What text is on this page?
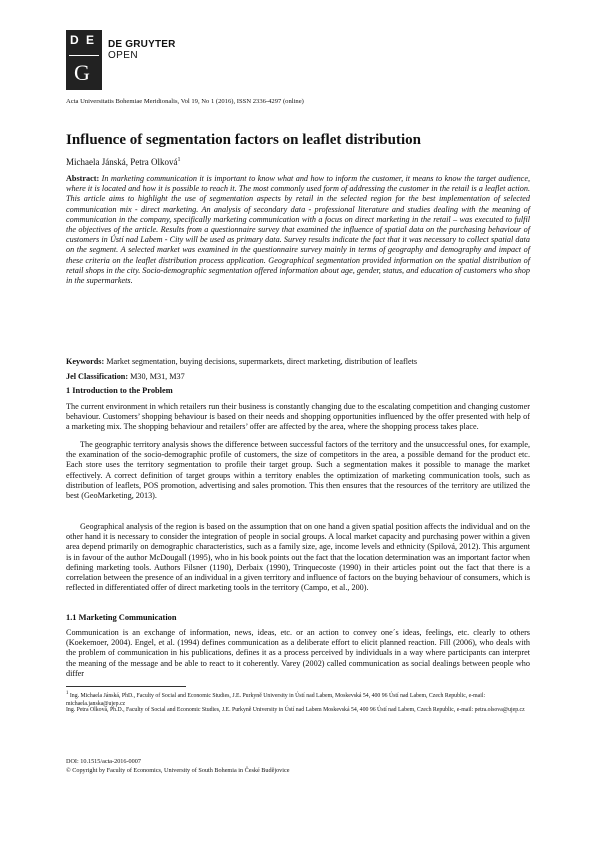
D E
G
DE GRUYTER
OPEN
Acta Universitatis Bohemiae Meridionalis, Vol 19, No 1 (2016), ISSN 2336-4297 (online)
Influence of segmentation factors on leaflet distribution
Michaela Jánská, Petra Olková$^1$
Abstract: In marketing communication it is important to know what and how to inform the customer, it means to know the target audience, where it is located and how it is possible to reach it. The most commonly used form of addressing the customer in the retail is a leaflet action. This article aims to highlight the use of segmentation aspects by retail in the selected region for the best implementation of selected communication mix - direct marketing. An analysis of secondary data - professional literature and studies dealing with the meaning of communication in the company, specifically marketing communication with a focus on direct marketing in the retail – was executed to fulfil the objectives of the article. Results from a questionnaire survey that examined the influence of spatial data on the purchasing behaviour of customers in Ústí nad Labem - City will be used as primary data. Survey results indicate the fact that it was necessary to collect spatial data on the segment. A selected market was examined in the questionnaire survey mainly in terms of geography and demography and impact of these criteria on the leaflet distribution process application. Geographical segmentation provided information on the spatial distribution of retail shops in the city. Socio-demographic segmentation offered information about age, gender, status, and education of customers who shop in the supermarkets.
Keywords: Market segmentation, buying decisions, supermarkets, direct marketing, distribution of leaflets
Jel Classification: M30, M31, M37
1 Introduction to the Problem
The current environment in which retailers run their business is constantly changing due to the escalating competition and changing customer behaviour. Customers’ shopping behaviour is based on their needs and shopping opportunities influenced by the offer presented with help of a marketing mix. The shopping behaviour and retailers’ offer are affected by the area, where the shopping process takes place.
The geographic territory analysis shows the difference between successful factors of the territory and the unsuccessful ones, for example, the examination of the socio-demographic profile of customers, the size of competitors in the area, a possible demand for the product etc. Each store uses the territory segmentation to profile their target group. Such a segmentation makes it possible to manage the market effectively. A correct definition of target groups within a territory enables the optimization of marketing communication tools, such as distribution of leaflets, POS promotion, advertising and sales promotion. This then ensures that the resources of the territory are utilized the best (GeoMarketing, 2013).
Geographical analysis of the region is based on the assumption that on one hand a given spatial position affects the individual and on the other hand it is necessary to consider the integration of people in social groups. A local market capacity and purchasing power within a given area depend primarily on demographic characteristics, such as a family size, age, income levels and ethnicity (Spilová, 2012). This argument is in favour of the author McDougall (1995), who in his book points out the fact that the location determination was an important factor when defining marketing tools. Authors Filsner (1190), Derbaix (1990), Trinquecoste (1990) in their articles point out the fact that there is a correlation between the presence of an individual in a given territory and influence of factors on the buying behaviour of consumers, which is reflected in differentiated offer of direct marketing tools in the territory (Campo, et al., 200).
1.1 Marketing Communication
Communication is an exchange of information, news, ideas, etc. or an action to convey one´s ideas, feelings, etc. clearly to others (Koekemoer, 2004). Engel, et al. (1994) defines communication as a deliberate effort to elicit planned reaction. Fill (2006), who deals with the problem of communication in his publications, defines it as a process perceived by individuals in a way where participants can interpret the meaning of the message and be able to react to it coherently. Varey (2002) called communication as social dealings between people who differ
$^1$ Ing. Michaela Jánská, PhD., Faculty of Social and Economic Studies, J.E. Purkyně University in Ústí nad Labem, Moskevská 54, 400 96 Ústí nad Labem, Czech Republic, e-mail: michaela.janska@ujep.cz
Ing. Petra Olková, Ph.D., Faculty of Social and Economic Studies, J.E. Purkyně University in Ústí nad Labem Moskevská 54, 400 96 Ústí nad Labem, Czech Republic, e-mail: petra.olsova@ujep.cz
DOI: 10.1515/acta-2016-0007
© Copyright by Faculty of Economics, University of South Bohemia in České Budějovice
